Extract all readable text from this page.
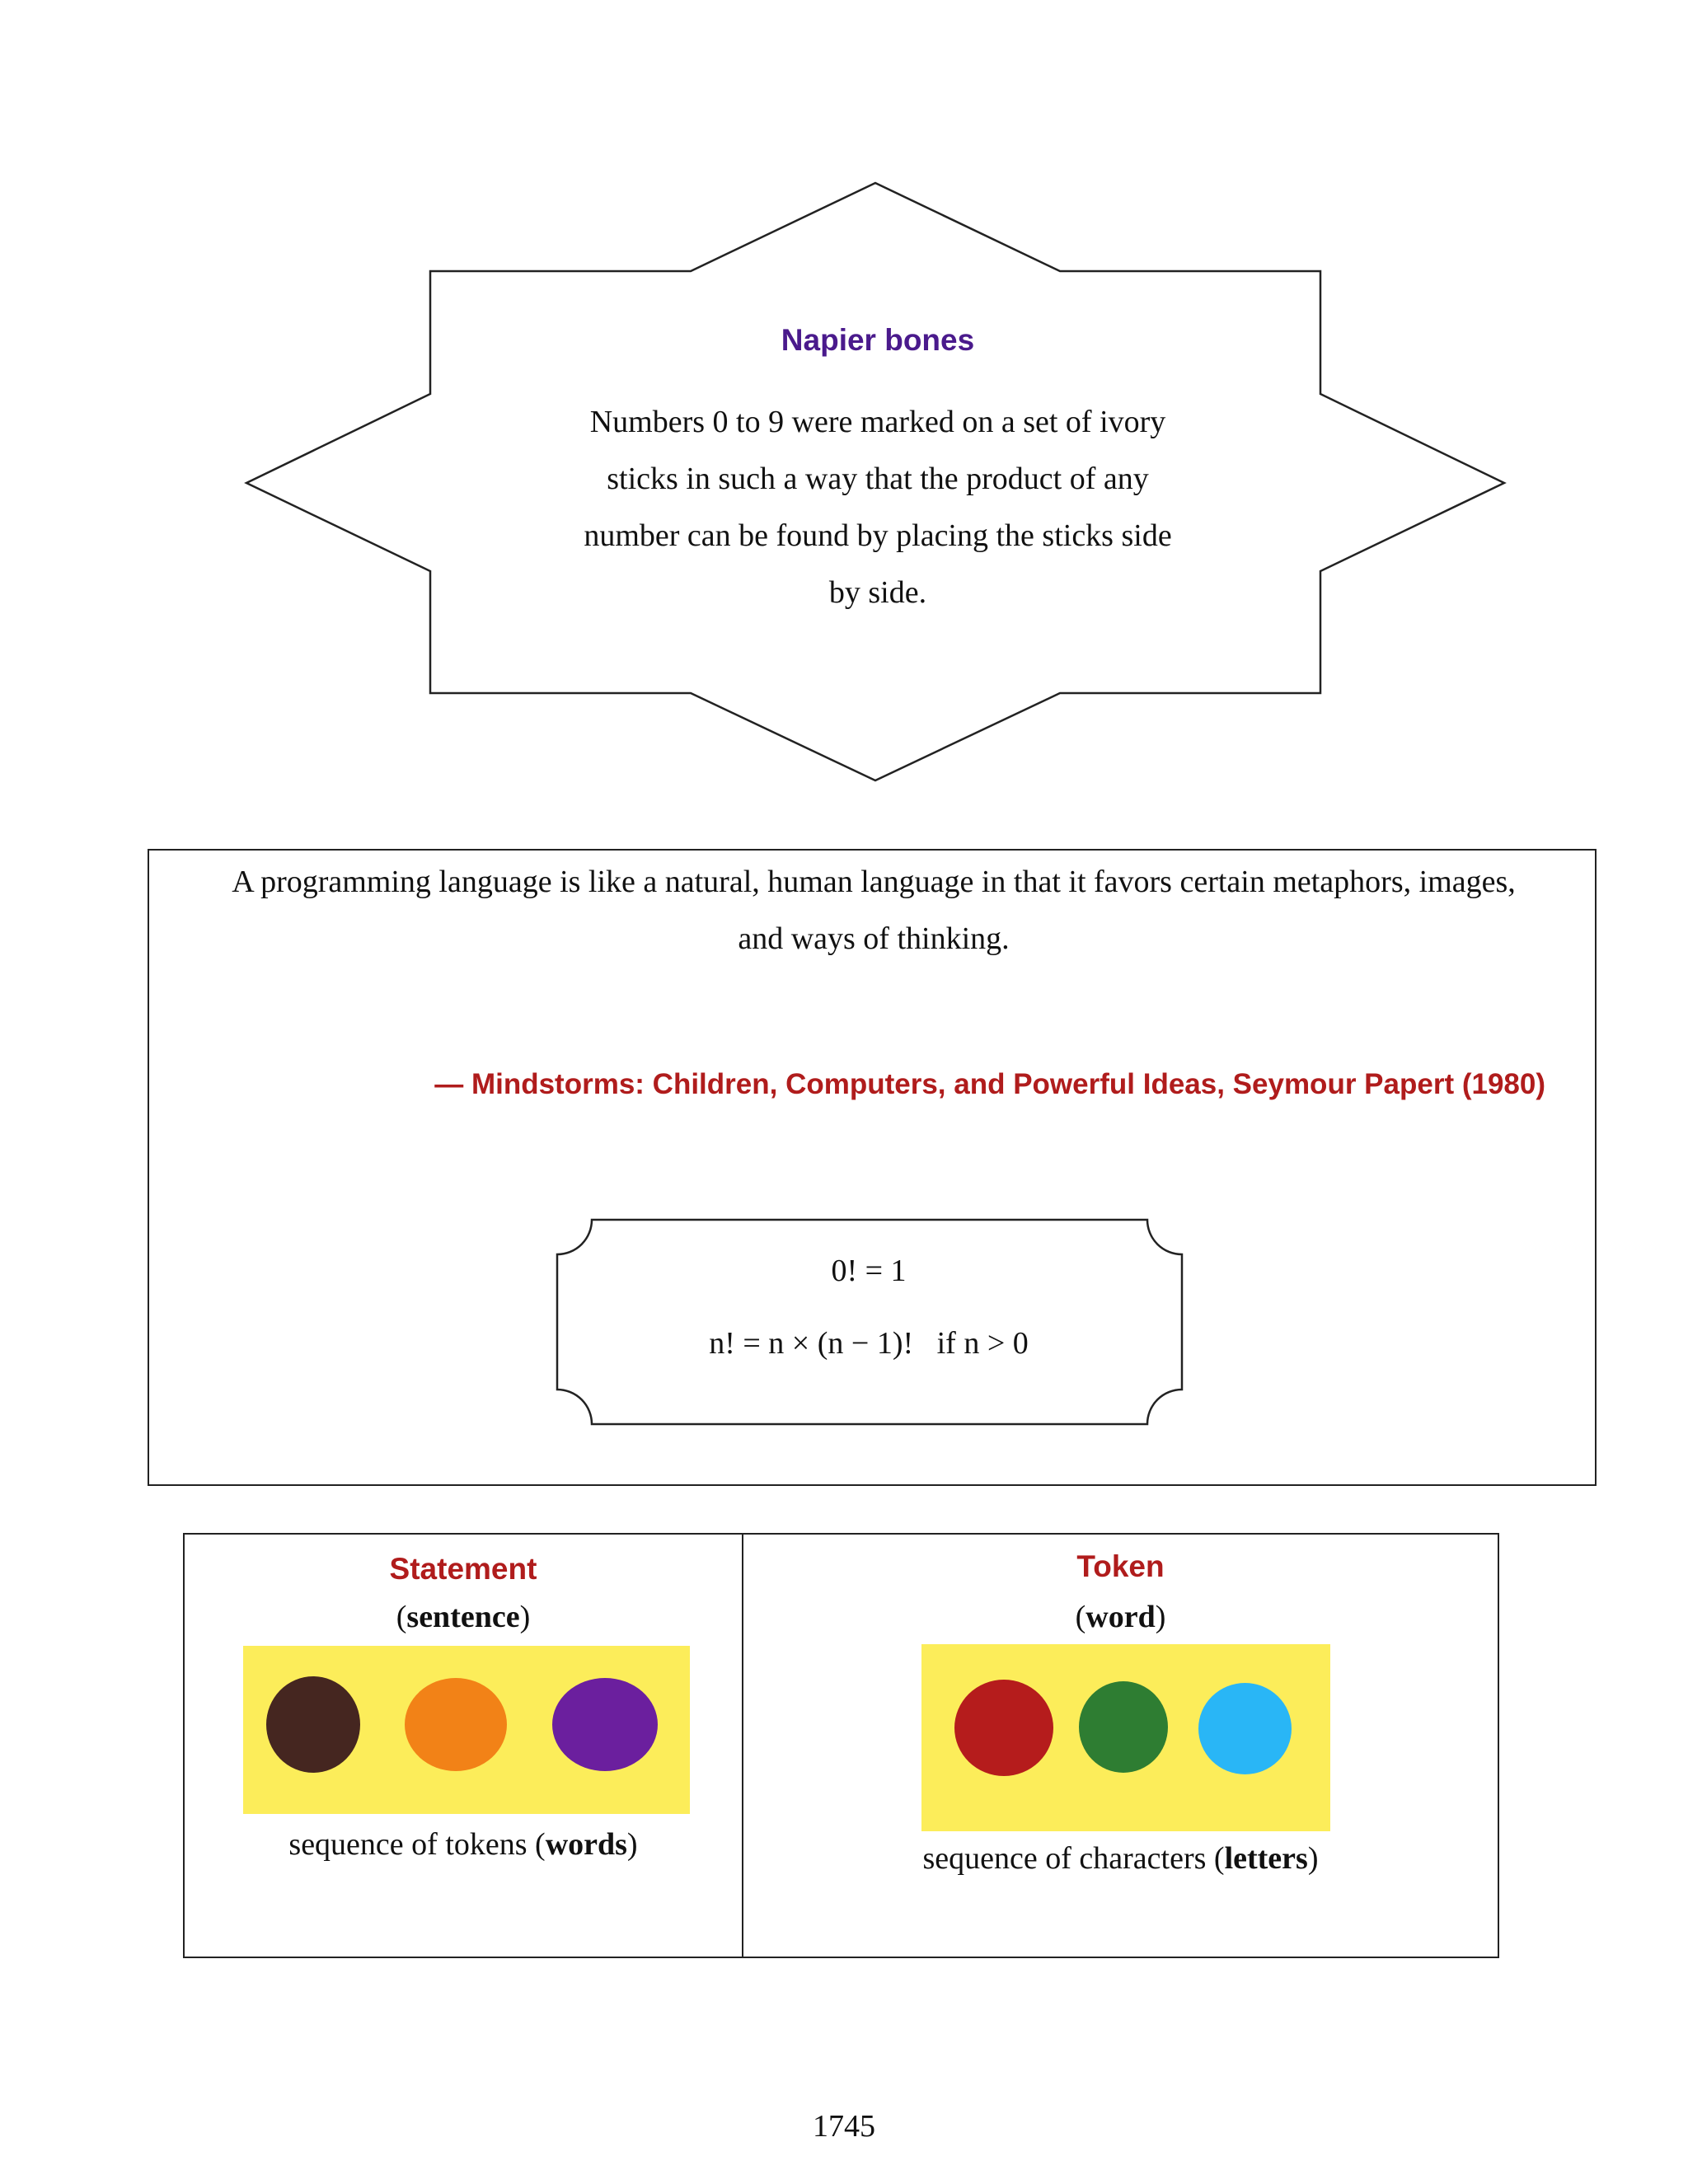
Napier bones
Numbers 0 to 9 were marked on a set of ivory
sticks in such a way that the product of any
number can be found by placing the sticks side
by side.
A programming language is like a natural, human language in that it favors certain metaphors, images,
and ways of thinking.
— Mindstorms: Children, Computers, and Powerful Ideas, Seymour Papert (1980)
0! = 1
n! = n × (n − 1)!   if n > 0
Statement
(sentence)
sequence of tokens (words)
Token
(word)
sequence of characters (letters)
1745
